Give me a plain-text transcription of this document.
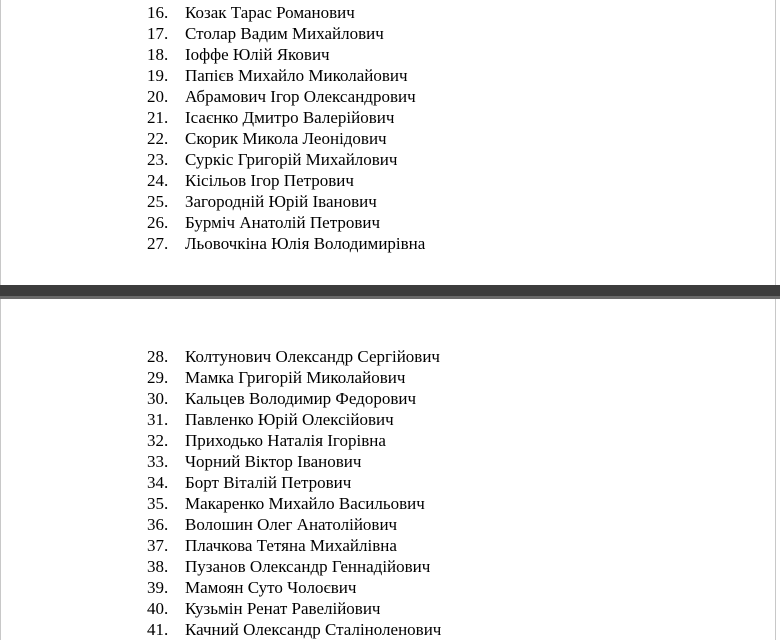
16. Козак Тарас Романович
17. Столар Вадим Михайлович
18. Іоффе Юлій Якович
19. Папієв Михайло Миколайович
20. Абрамович Ігор Олександрович
21. Ісаєнко Дмитро Валерійович
22. Скорик Микола Леонідович
23. Суркіс Григорій Михайлович
24. Кісільов Ігор Петрович
25. Загородній Юрій Іванович
26. Бурміч Анатолій Петрович
27. Льовочкіна Юлія Володимирівна
28. Колтунович Олександр Сергійович
29. Мамка Григорій Миколайович
30. Кальцев Володимир Федорович
31. Павленко Юрій Олексійович
32. Приходько Наталія Ігорівна
33. Чорний Віктор Іванович
34. Борт Віталій Петрович
35. Макаренко Михайло Васильович
36. Волошин Олег Анатолійович
37. Плачкова Тетяна Михайлівна
38. Пузанов Олександр Геннадійович
39. Мамоян Суто Чолоєвич
40. Кузьмін Ренат Равелійович
41. Качний Олександр Сталіноленович
